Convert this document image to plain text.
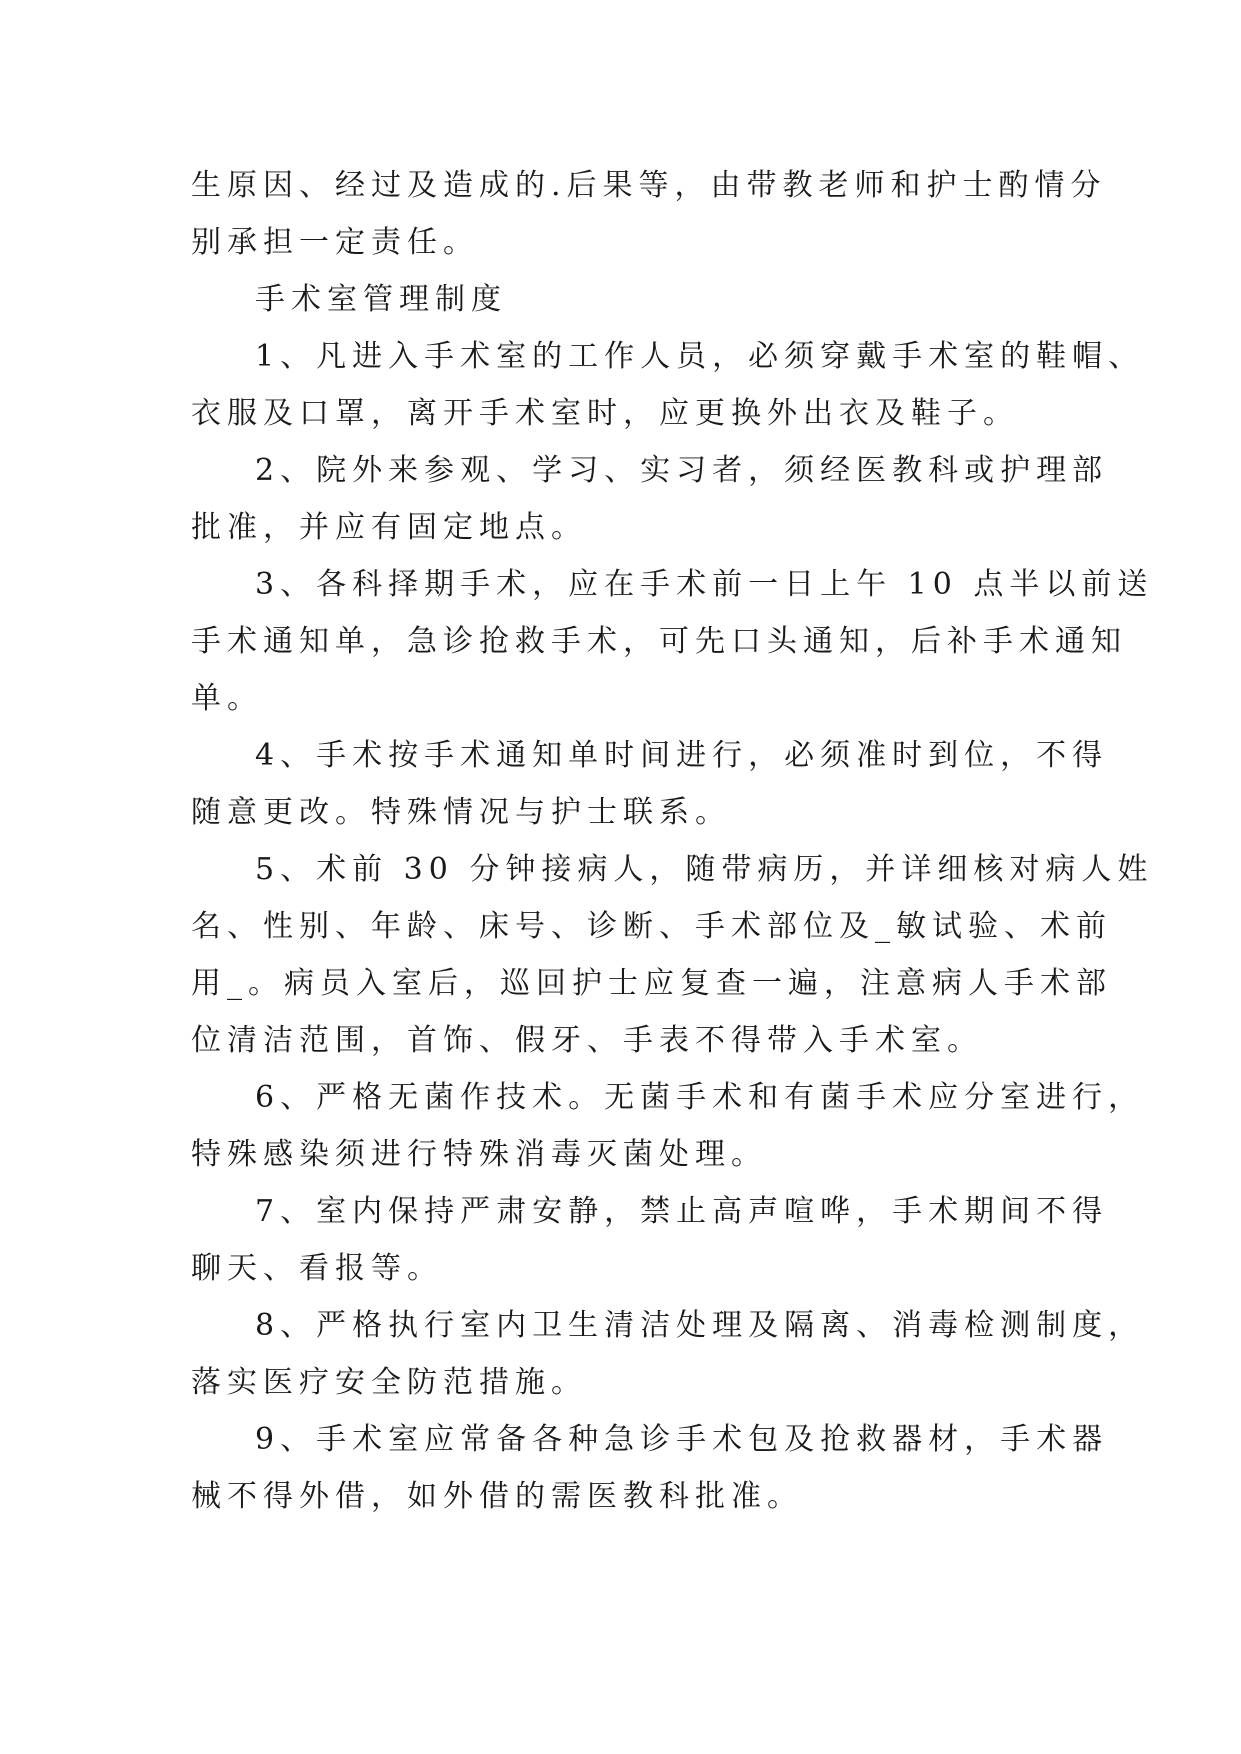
生原因、经过及造成的.后果等，由带教老师和护士酌情分
别承担一定责任。
手术室管理制度
1、凡进入手术室的工作人员，必须穿戴手术室的鞋帽、
衣服及口罩，离开手术室时，应更换外出衣及鞋子。
2、院外来参观、学习、实习者，须经医教科或护理部
批准，并应有固定地点。
3、各科择期手术，应在手术前一日上午 10 点半以前送
手术通知单，急诊抢救手术，可先口头通知，后补手术通知
单。
4、手术按手术通知单时间进行，必须准时到位，不得
随意更改。特殊情况与护士联系。
5、术前 30 分钟接病人，随带病历，并详细核对病人姓
名、性别、年龄、床号、诊断、手术部位及_敏试验、术前
用_。病员入室后，巡回护士应复查一遍，注意病人手术部
位清洁范围，首饰、假牙、手表不得带入手术室。
6、严格无菌作技术。无菌手术和有菌手术应分室进行，
特殊感染须进行特殊消毒灭菌处理。
7、室内保持严肃安静，禁止高声喧哗，手术期间不得
聊天、看报等。
8、严格执行室内卫生清洁处理及隔离、消毒检测制度，
落实医疗安全防范措施。
9、手术室应常备各种急诊手术包及抢救器材，手术器
械不得外借，如外借的需医教科批准。
